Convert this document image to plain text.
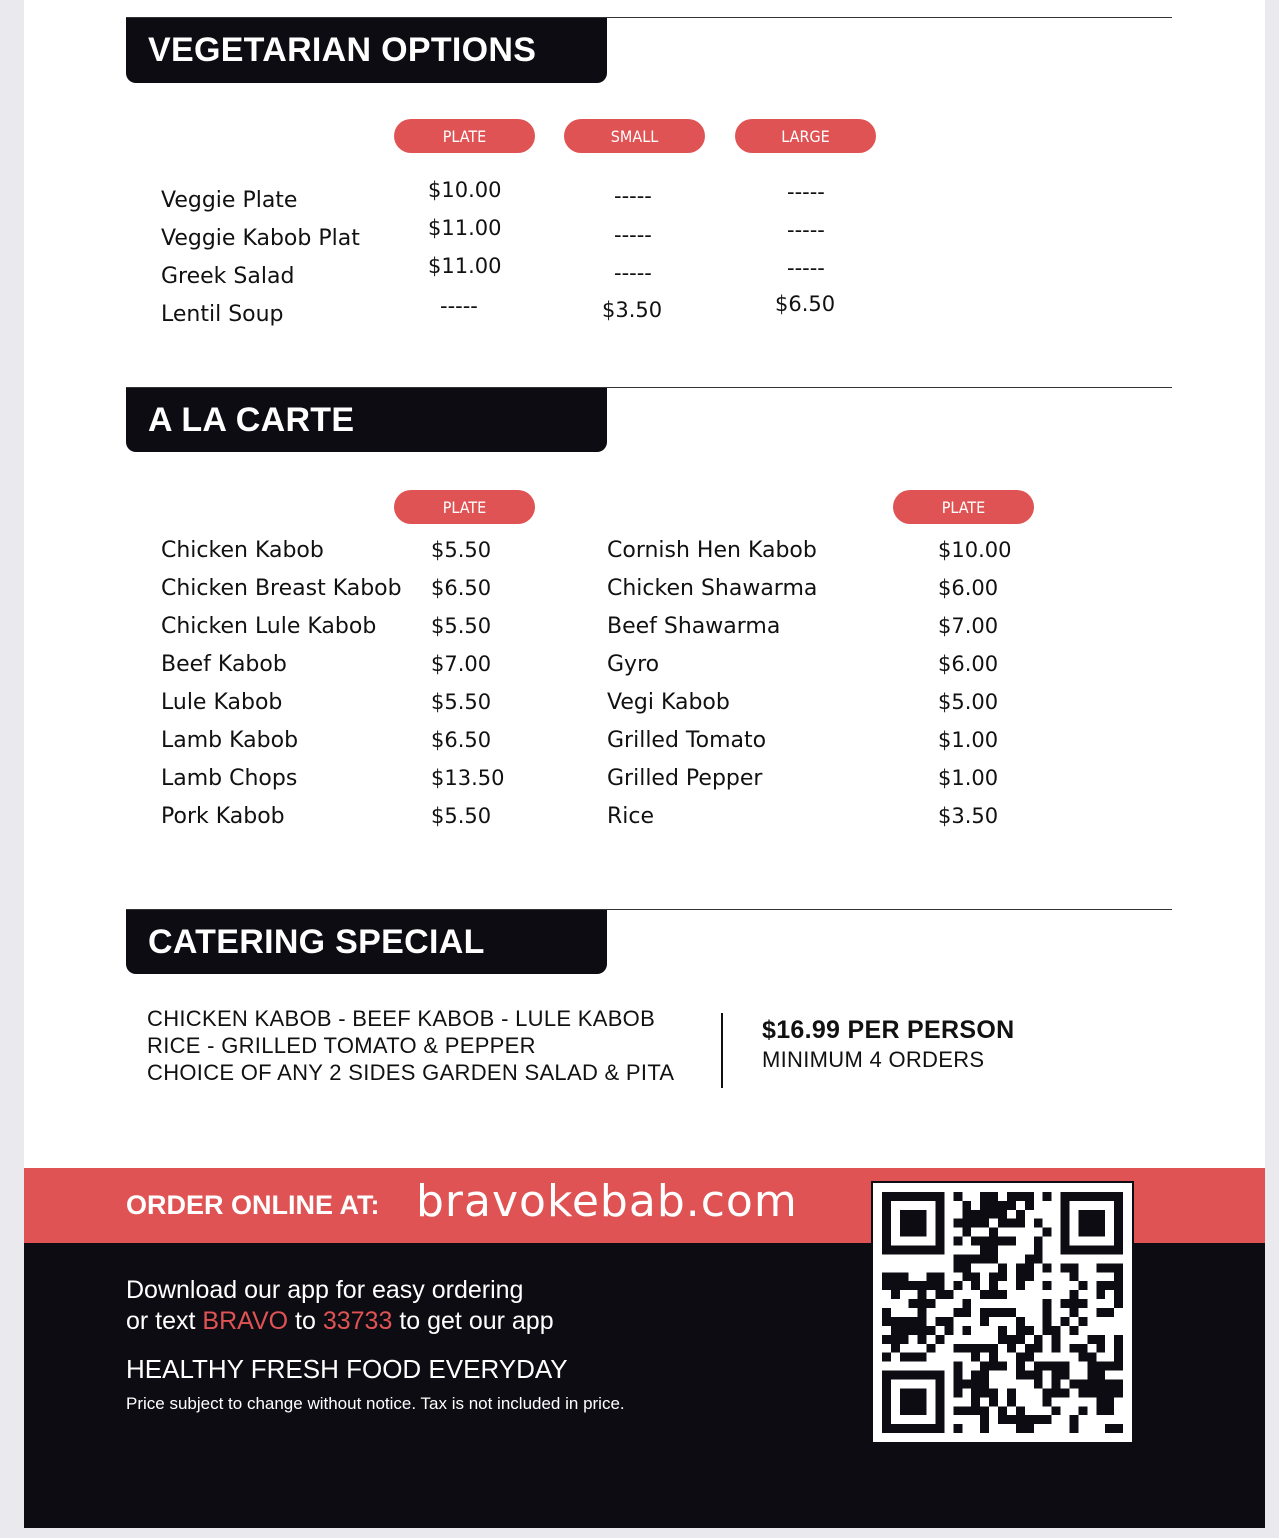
VEGETARIAN OPTIONS
PLATE	SMALL	LARGE
Veggie Plate	$10.00	-----	-----
Veggie Kabob Plat	$11.00	-----	-----
Greek Salad	$11.00	-----	-----
Lentil Soup	-----	$3.50	$6.50
A LA CARTE
PLATE	PLATE
Chicken Kabob	$5.50
Chicken Breast Kabob $6.50
Chicken Lule Kabob	$5.50
Beef Kabob	$7.00
Lule Kabob	$5.50
Lamb Kabob	$6.50
Lamb Chops	$13.50
Pork Kabob	$5.50
Cornish Hen Kabob	$10.00
Chicken Shawarma	$6.00
Beef Shawarma	$7.00
Gyro	$6.00
Vegi Kabob	$5.00
Grilled Tomato	$1.00
Grilled Pepper	$1.00
Rice	$3.50
CATERING SPECIAL
CHICKEN KABOB - BEEF KABOB - LULE KABOB
RICE - GRILLED TOMATO & PEPPER
CHOICE OF ANY 2 SIDES GARDEN SALAD & PITA
$16.99 PER PERSON
MINIMUM 4 ORDERS
ORDER ONLINE AT: bravokebab.com
Download our app for easy ordering
or text BRAVO to 33733 to get our app
HEALTHY FRESH FOOD EVERYDAY
Price subject to change without notice. Tax is not included in price.
